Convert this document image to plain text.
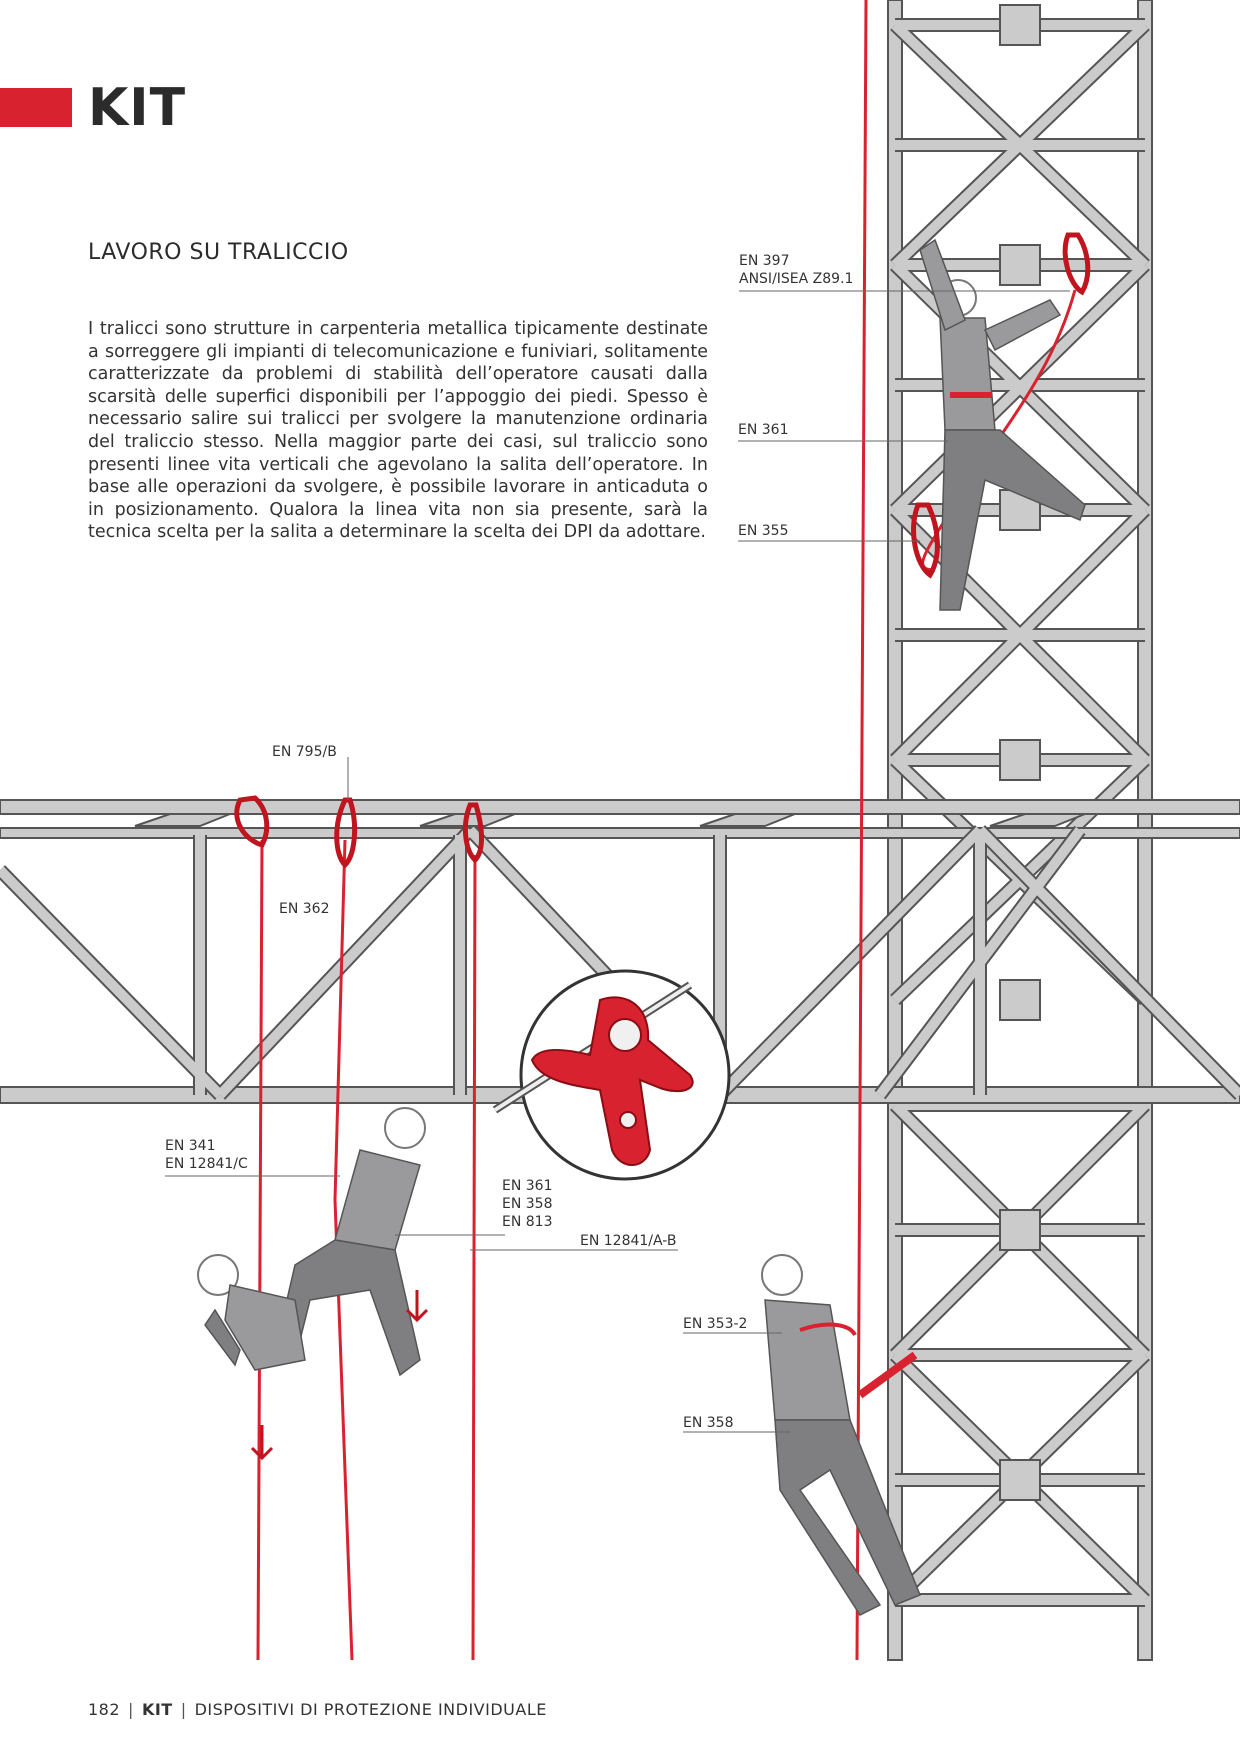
KIT
LAVORO SU TRALICCIO
I tralicci sono strutture in carpenteria metallica tipicamente destinate a sorreggere gli impianti di telecomunicazione e funiviari, solitamente caratterizzate da problemi di stabilità dell’operatore causati dalla scarsità delle superfici disponibili per l’appoggio dei piedi. Spesso è necessario salire sui tralicci per svolgere la manutenzione ordinaria del traliccio stesso. Nella maggior parte dei casi, sul traliccio sono presenti linee vita verticali che agevolano la salita dell’operatore. In base alle operazioni da svolgere, è possibile lavorare in anticaduta o in posizionamento. Qualora la linea vita non sia presente, sarà la tecnica scelta per la salita a determinare la scelta dei DPI da adottare.
EN 397
ANSI/ISEA Z89.1
EN 361
EN 355
EN 795/B
EN 362
EN 341
EN 12841/C
EN 361
EN 358
EN 813
EN 12841/A-B
EN 353-2
EN 358
182 | KIT | DISPOSITIVI DI PROTEZIONE INDIVIDUALE
